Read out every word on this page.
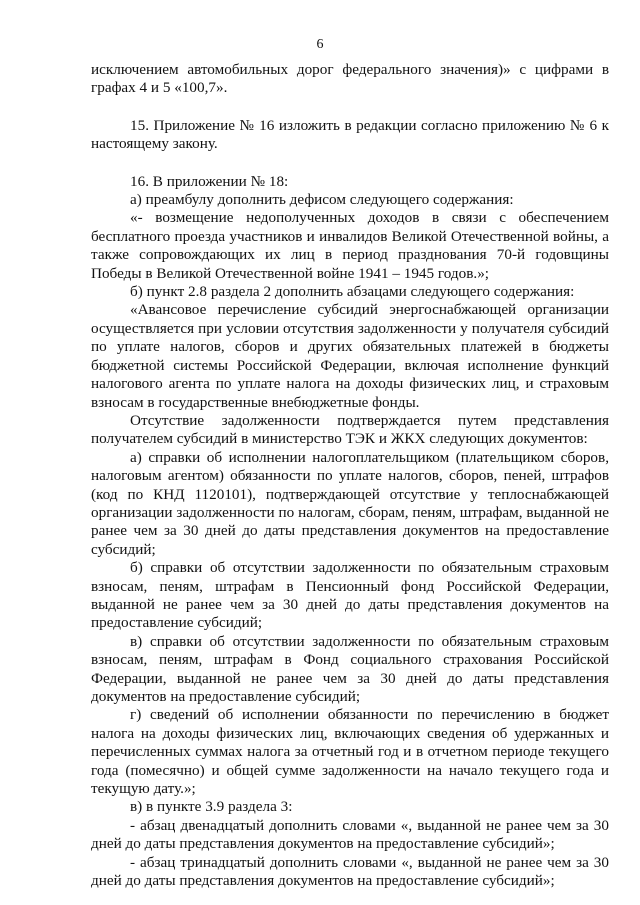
6

исключением автомобильных дорог федерального значения)» с цифрами в графах 4 и 5 «100,7».

15. Приложение № 16 изложить в редакции согласно приложению № 6 к настоящему закону.

16. В приложении № 18:

а) преамбулу дополнить дефисом следующего содержания:

«- возмещение недополученных доходов в связи с обеспечением бесплатного проезда участников и инвалидов Великой Отечественной войны, а также сопровождающих их лиц в период празднования 70-й годовщины Победы в Великой Отечественной войне 1941 – 1945 годов.»;

б) пункт 2.8 раздела 2 дополнить абзацами следующего содержания:

«Авансовое перечисление субсидий энергоснабжающей организации осуществляется при условии отсутствия задолженности у получателя субсидий по уплате налогов, сборов и других обязательных платежей в бюджеты бюджетной системы Российской Федерации, включая исполнение функций налогового агента по уплате налога на доходы физических лиц, и страховым взносам в государственные внебюджетные фонды.

Отсутствие задолженности подтверждается путем представления получателем субсидий в министерство ТЭК и ЖКХ следующих документов:

а) справки об исполнении налогоплательщиком (плательщиком сборов, налоговым агентом) обязанности по уплате налогов, сборов, пеней, штрафов (код по КНД 1120101), подтверждающей отсутствие у теплоснабжающей организации задолженности по налогам, сборам, пеням, штрафам, выданной не ранее чем за 30 дней до даты представления документов на предоставление субсидий;

б) справки об отсутствии задолженности по обязательным страховым взносам, пеням, штрафам в Пенсионный фонд Российской Федерации, выданной не ранее чем за 30 дней до даты представления документов на предоставление субсидий;

в) справки об отсутствии задолженности по обязательным страховым взносам, пеням, штрафам в Фонд социального страхования Российской Федерации, выданной не ранее чем за 30 дней до даты представления документов на предоставление субсидий;

г) сведений об исполнении обязанности по перечислению в бюджет налога на доходы физических лиц, включающих сведения об удержанных и перечисленных суммах налога за отчетный год и в отчетном периоде текущего года (помесячно) и общей сумме задолженности на начало текущего года и текущую дату.»;

в) в пункте 3.9 раздела 3:

- абзац двенадцатый дополнить словами «, выданной не ранее чем за 30 дней до даты представления документов на предоставление субсидий»;

- абзац тринадцатый дополнить словами «, выданной не ранее чем за 30 дней до даты представления документов на предоставление субсидий»;
